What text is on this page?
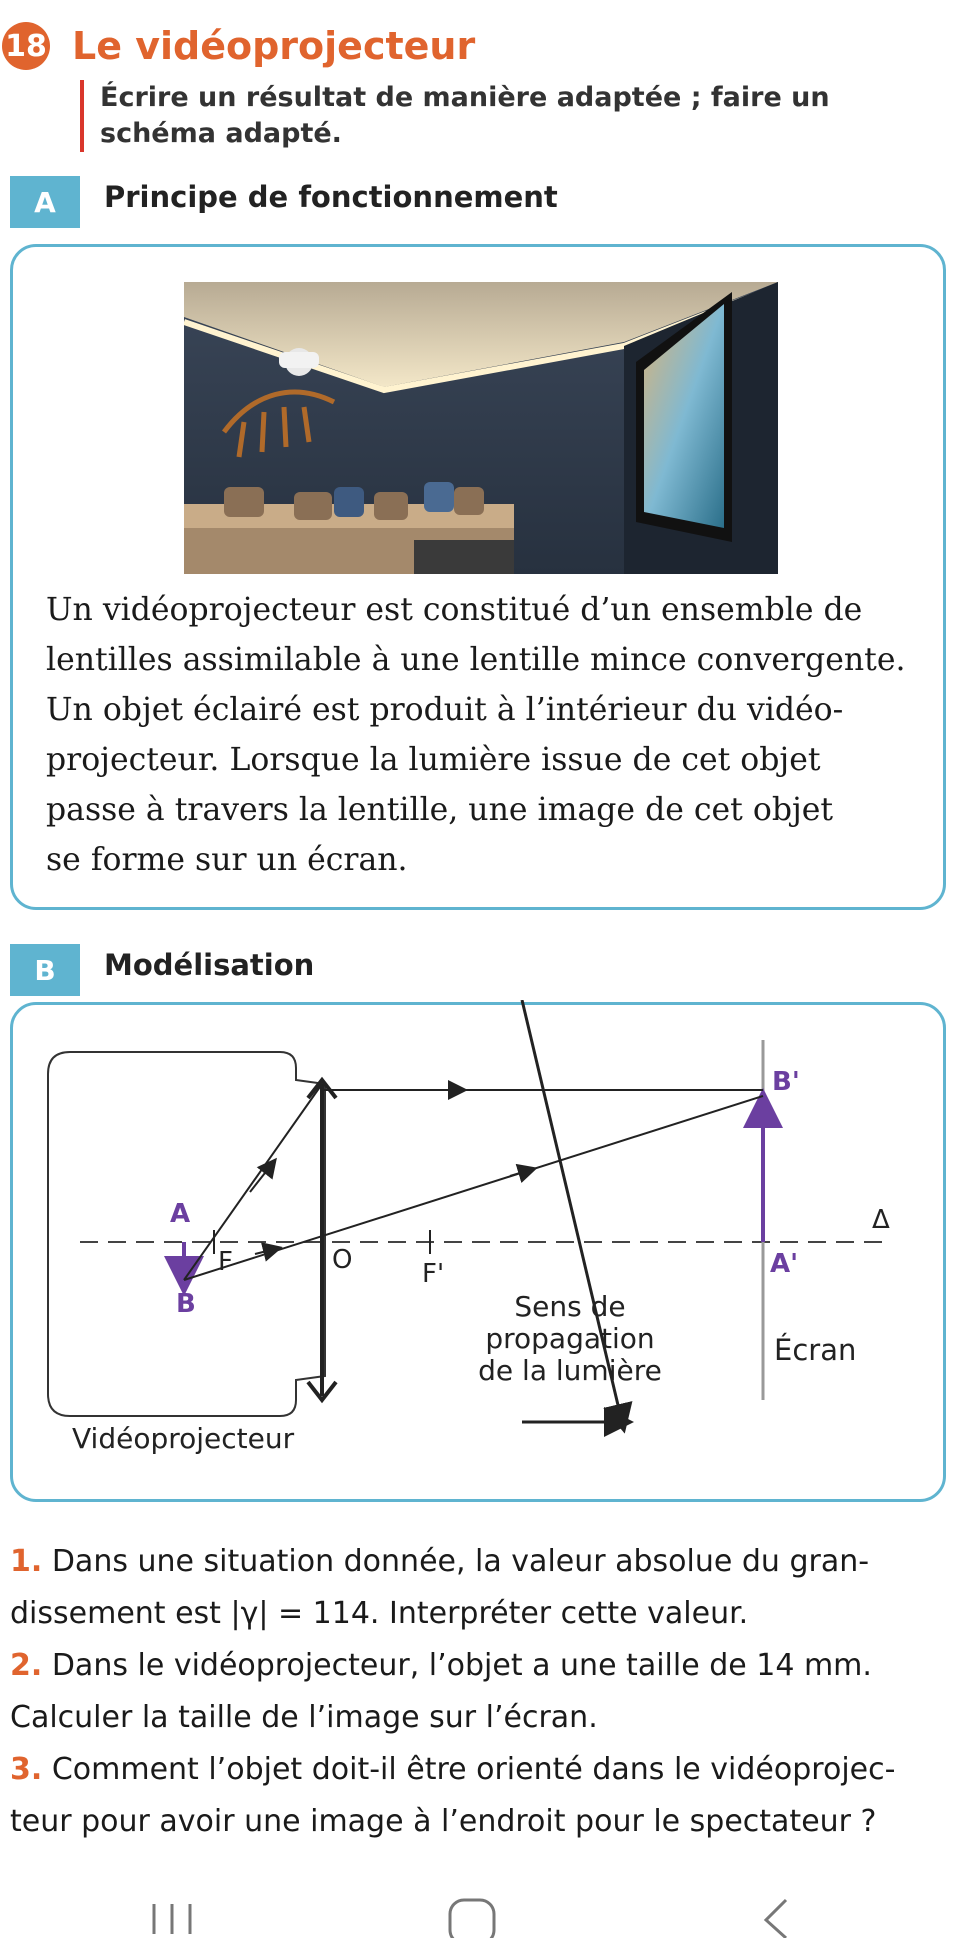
18 Le vidéoprojecteur
Écrire un résultat de manière adaptée ; faire un schéma adapté.
A	Principe de fonctionnement
Un vidéoprojecteur est constitué d’un ensemble de
lentilles assimilable à une lentille mince convergente.
Un objet éclairé est produit à l’intérieur du vidéo-
projecteur. Lorsque la lumière issue de cet objet
passe à travers la lentille, une image de cet objet
se forme sur un écran.
B	Modélisation
A
B
F	O	F'	A'
B'
Δ
Écran
Vidéoprojecteur
Sens de
propagation
de la lumière
1. Dans une situation donnée, la valeur absolue du gran-
dissement est |γ| = 114. Interpréter cette valeur.
2. Dans le vidéoprojecteur, l’objet a une taille de 14 mm.
Calculer la taille de l’image sur l’écran.
3. Comment l’objet doit-il être orienté dans le vidéoprojec-
teur pour avoir une image à l’endroit pour le spectateur ?
